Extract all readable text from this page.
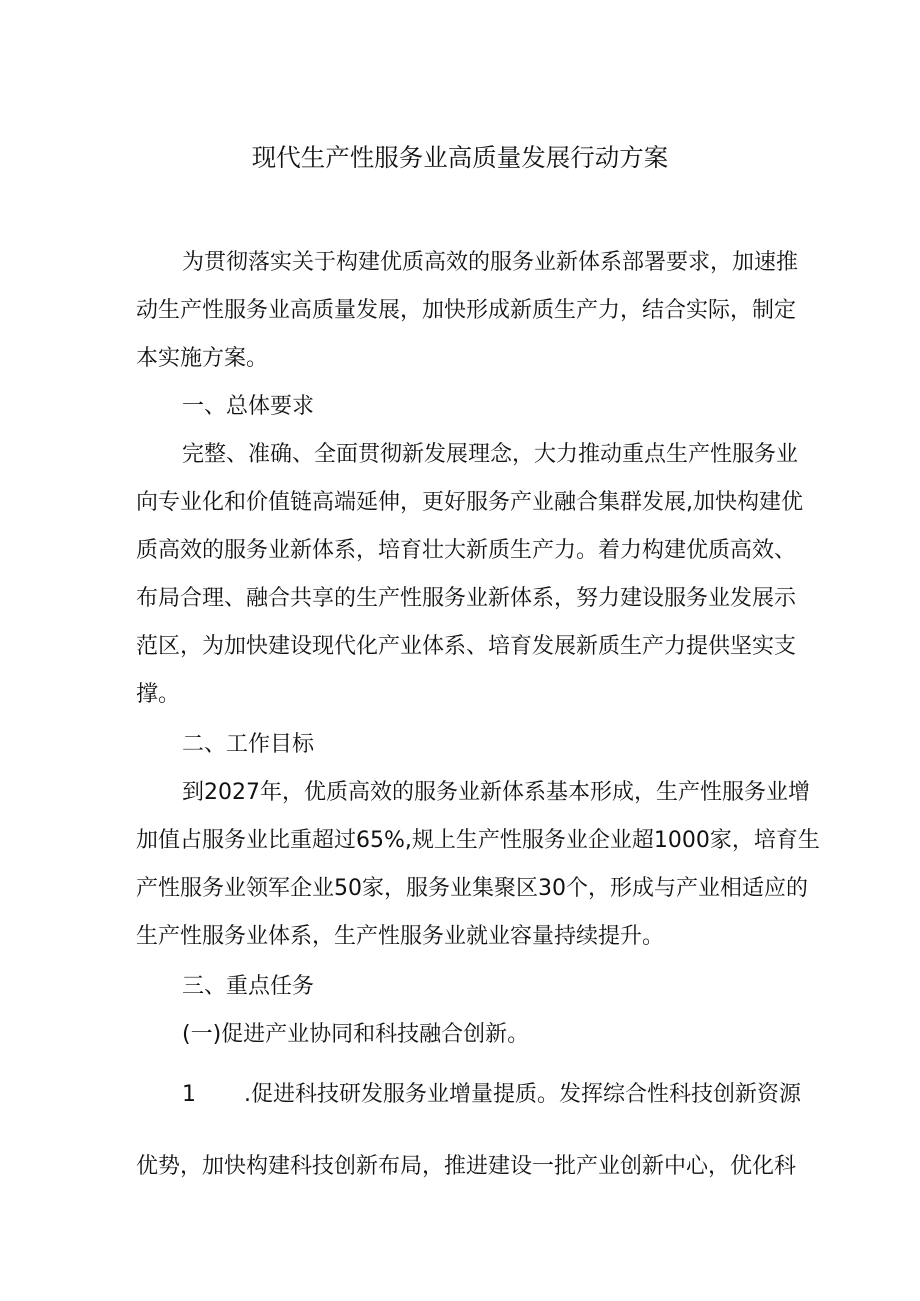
现代生产性服务业高质量发展行动方案
为贯彻落实关于构建优质高效的服务业新体系部署要求，加速推
动生产性服务业高质量发展，加快形成新质生产力，结合实际，制定
本实施方案。
一、总体要求
完整、准确、全面贯彻新发展理念，大力推动重点生产性服务业
向专业化和价值链高端延伸，更好服务产业融合集群发展,加快构建优
质高效的服务业新体系，培育壮大新质生产力。着力构建优质高效、
布局合理、融合共享的生产性服务业新体系，努力建设服务业发展示
范区，为加快建设现代化产业体系、培育发展新质生产力提供坚实支
撑。
二、工作目标
到2027年，优质高效的服务业新体系基本形成，生产性服务业增
加值占服务业比重超过65%,规上生产性服务业企业超1000家，培育生
产性服务业领军企业50家，服务业集聚区30个，形成与产业相适应的
生产性服务业体系，生产性服务业就业容量持续提升。
三、重点任务
(一)促进产业协同和科技融合创新。
1 .促进科技研发服务业增量提质。发挥综合性科技创新资源
优势，加快构建科技创新布局，推进建设一批产业创新中心，优化科
